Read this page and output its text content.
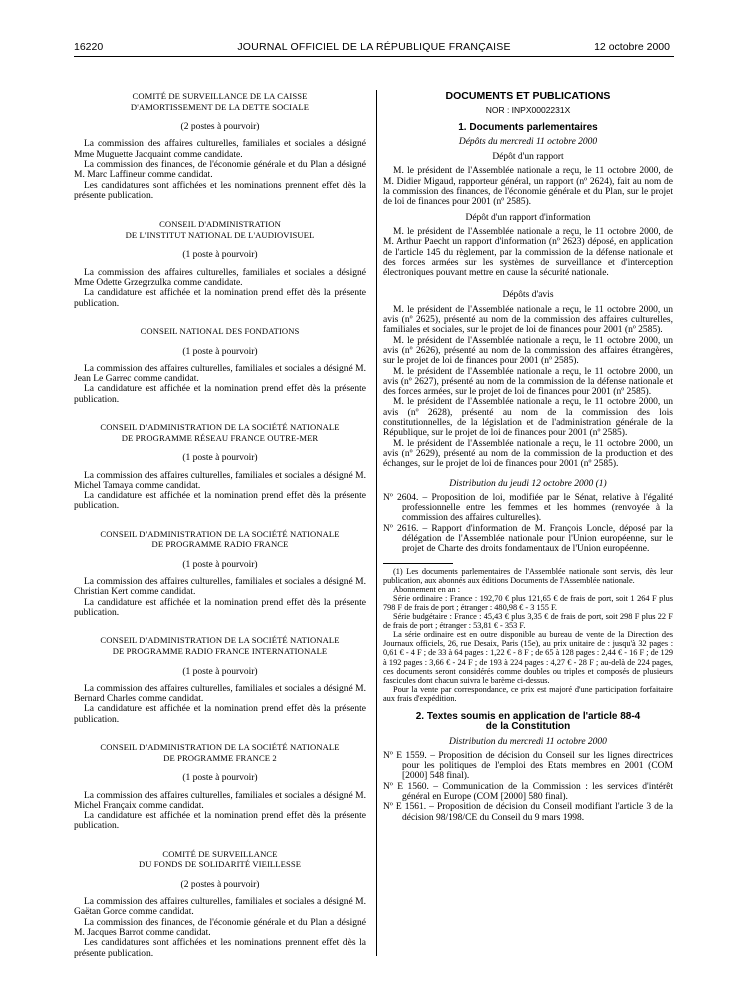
16220	JOURNAL OFFICIEL DE LA RÉPUBLIQUE FRANÇAISE	12 octobre 2000
COMITÉ DE SURVEILLANCE DE LA CAISSE
D'AMORTISSEMENT DE LA DETTE SOCIALE
(2 postes à pourvoir)

La commission des affaires culturelles, familiales et sociales a désigné Mme Muguette Jacquaint comme candidate.

La commission des finances, de l'économie générale et du Plan a désigné M. Marc Laffineur comme candidat.

Les candidatures sont affichées et les nominations prennent effet dès la présente publication.

CONSEIL D'ADMINISTRATION
DE L'INSTITUT NATIONAL DE L'AUDIOVISUEL
(1 poste à pourvoir)

La commission des affaires culturelles, familiales et sociales a désigné Mme Odette Grzegrzulka comme candidate.

La candidature est affichée et la nomination prend effet dès la présente publication.

CONSEIL NATIONAL DES FONDATIONS
(1 poste à pourvoir)

La commission des affaires culturelles, familiales et sociales a désigné M. Jean Le Garrec comme candidat.

La candidature est affichée et la nomination prend effet dès la présente publication.

CONSEIL D'ADMINISTRATION DE LA SOCIÉTÉ NATIONALE
DE PROGRAMME RÉSEAU FRANCE OUTRE-MER
(1 poste à pourvoir)

La commission des affaires culturelles, familiales et sociales a désigné M. Michel Tamaya comme candidat.

La candidature est affichée et la nomination prend effet dès la présente publication.

CONSEIL D'ADMINISTRATION DE LA SOCIÉTÉ NATIONALE
DE PROGRAMME RADIO FRANCE
(1 poste à pourvoir)

La commission des affaires culturelles, familiales et sociales a désigné M. Christian Kert comme candidat.

La candidature est affichée et la nomination prend effet dès la présente publication.

CONSEIL D'ADMINISTRATION DE LA SOCIÉTÉ NATIONALE
DE PROGRAMME RADIO FRANCE INTERNATIONALE
(1 poste à pourvoir)

La commission des affaires culturelles, familiales et sociales a désigné M. Bernard Charles comme candidat.

La candidature est affichée et la nomination prend effet dès la présente publication.

CONSEIL D'ADMINISTRATION DE LA SOCIÉTÉ NATIONALE
DE PROGRAMME FRANCE 2
(1 poste à pourvoir)

La commission des affaires culturelles, familiales et sociales a désigné M. Michel Françaix comme candidat.

La candidature est affichée et la nomination prend effet dès la présente publication.

COMITÉ DE SURVEILLANCE
DU FONDS DE SOLIDARITÉ VIEILLESSE
(2 postes à pourvoir)

La commission des affaires culturelles, familiales et sociales a désigné M. Gaëtan Gorce comme candidat.

La commission des finances, de l'économie générale et du Plan a désigné M. Jacques Barrot comme candidat.

Les candidatures sont affichées et les nominations prennent effet dès la présente publication.

DOCUMENTS ET PUBLICATIONS
NOR : INPX0002231X
1. Documents parlementaires
Dépôts du mercredi 11 octobre 2000
Dépôt d'un rapport

M. le président de l'Assemblée nationale a reçu, le 11 octobre 2000, de M. Didier Migaud, rapporteur général, un rapport (nº 2624), fait au nom de la commission des finances, de l'économie générale et du Plan, sur le projet de loi de finances pour 2001 (nº 2585).

Dépôt d'un rapport d'information

M. le président de l'Assemblée nationale a reçu, le 11 octobre 2000, de M. Arthur Paecht un rapport d'information (nº 2623) déposé, en application de l'article 145 du règlement, par la commission de la défense nationale et des forces armées sur les systèmes de surveillance et d'interception électroniques pouvant mettre en cause la sécurité nationale.

Dépôts d'avis

M. le président de l'Assemblée nationale a reçu, le 11 octobre 2000, un avis (nº 2625), présenté au nom de la commission des affaires culturelles, familiales et sociales, sur le projet de loi de finances pour 2001 (nº 2585).

M. le président de l'Assemblée nationale a reçu, le 11 octobre 2000, un avis (nº 2626), présenté au nom de la commission des affaires étrangères, sur le projet de loi de finances pour 2001 (nº 2585).

M. le président de l'Assemblée nationale a reçu, le 11 octobre 2000, un avis (nº 2627), présenté au nom de la commission de la défense nationale et des forces armées, sur le projet de loi de finances pour 2001 (nº 2585).

M. le président de l'Assemblée nationale a reçu, le 11 octobre 2000, un avis (nº 2628), présenté au nom de la commission des lois constitutionnelles, de la législation et de l'administration générale de la République, sur le projet de loi de finances pour 2001 (nº 2585).

M. le président de l'Assemblée nationale a reçu, le 11 octobre 2000, un avis (nº 2629), présenté au nom de la commission de la production et des échanges, sur le projet de loi de finances pour 2001 (nº 2585).

Distribution du jeudi 12 octobre 2000 (1)
Nº 2604. – Proposition de loi, modifiée par le Sénat, relative à l'égalité professionnelle entre les femmes et les hommes (renvoyée à la commission des affaires culturelles).
Nº 2616. – Rapport d'information de M. François Loncle, déposé par la délégation de l'Assemblée nationale pour l'Union européenne, sur le projet de Charte des droits fondamentaux de l'Union européenne.

(1) Les documents parlementaires de l'Assemblée nationale sont servis, dès leur publication, aux abonnés aux éditions Documents de l'Assemblée nationale.

Abonnement en an :

Série ordinaire : France : 192,70 € plus 121,65 € de frais de port, soit 1 264 F plus 798 F de frais de port ; étranger : 480,98 € - 3 155 F.

Série budgétaire : France : 45,43 € plus 3,35 € de frais de port, soit 298 F plus 22 F de frais de port ; étranger : 53,81 € - 353 F.

La série ordinaire est en outre disponible au bureau de vente de la Direction des Journaux officiels, 26, rue Desaix, Paris (15e), au prix unitaire de : jusqu'à 32 pages : 0,61 € - 4 F ; de 33 à 64 pages : 1,22 € - 8 F ; de 65 à 128 pages : 2,44 € - 16 F ; de 129 à 192 pages : 3,66 € - 24 F ; de 193 à 224 pages : 4,27 € - 28 F ; au-delà de 224 pages, ces documents seront considérés comme doubles ou triples et composés de plusieurs fascicules dont chacun suivra le barème ci-dessus.

Pour la vente par correspondance, ce prix est majoré d'une participation forfaitaire aux frais d'expédition.

2. Textes soumis en application de l'article 88-4
de la Constitution
Distribution du mercredi 11 octobre 2000
Nº E 1559. – Proposition de décision du Conseil sur les lignes directrices pour les politiques de l'emploi des Etats membres en 2001 (COM [2000] 548 final).
Nº E 1560. – Communication de la Commission : les services d'intérêt général en Europe (COM [2000] 580 final).
Nº E 1561. – Proposition de décision du Conseil modifiant l'article 3 de la décision 98/198/CE du Conseil du 9 mars 1998.
